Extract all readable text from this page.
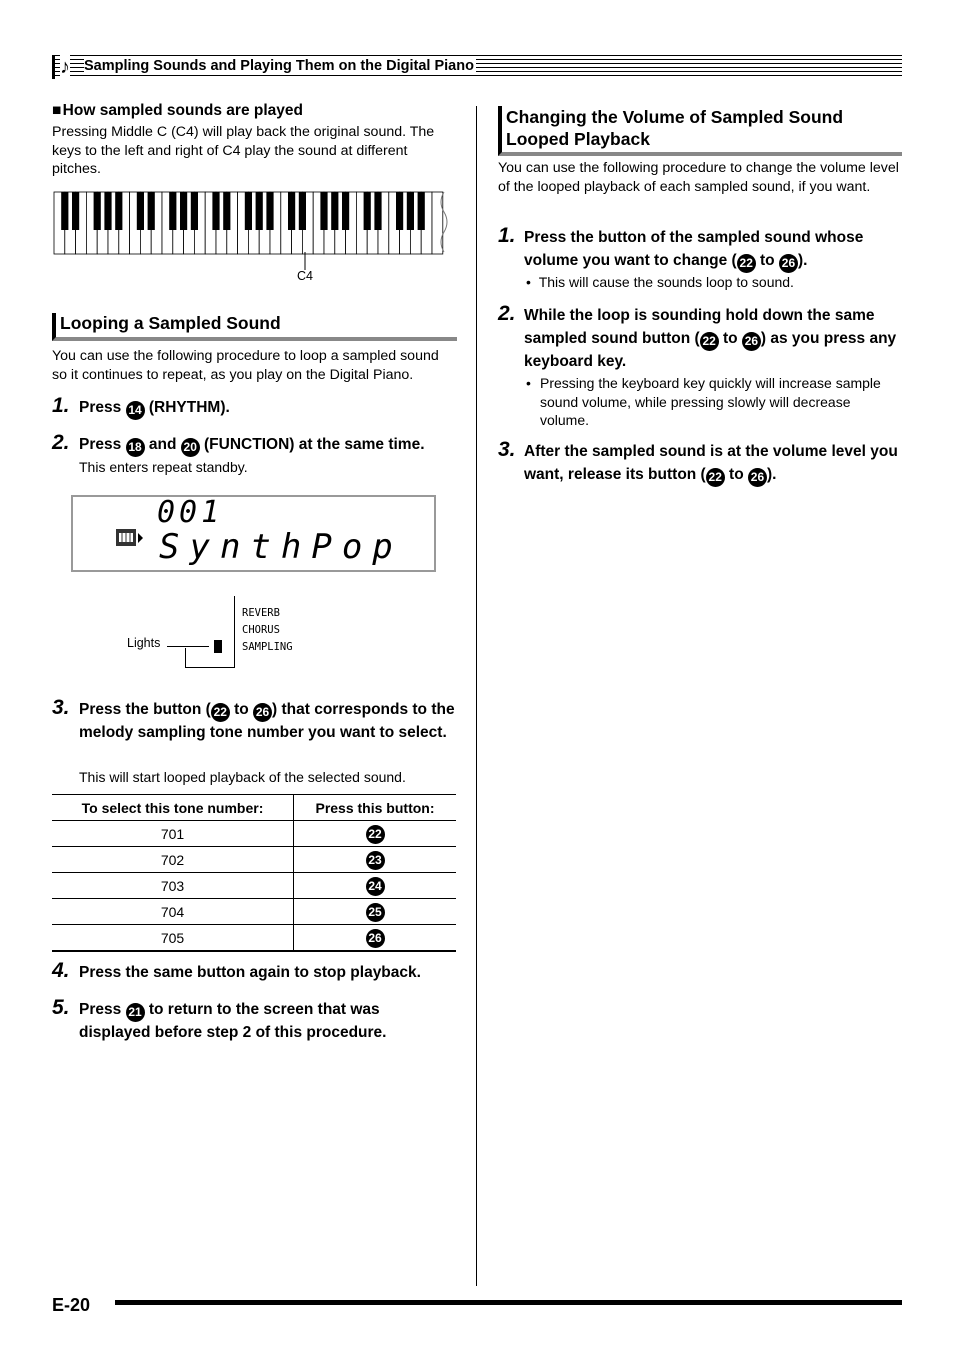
♪ Sampling Sounds and Playing Them on the Digital Piano
■ How sampled sounds are played
Pressing Middle C (C4) will play back the original sound. The keys to the left and right of C4 play the sound at different pitches.
C4
Looping a Sampled Sound
You can use the following procedure to loop a sampled sound so it continues to repeat, as you play on the Digital Piano.
1. Press 14 (RHYTHM).
2. Press 18 and 20 (FUNCTION) at the same time.
This enters repeat standby.
001
SynthPop
Lights
REVERB
CHORUS
SAMPLING
3. Press the button ( 22 to 26 ) that corresponds to the melody sampling tone number you want to select.
This will start looped playback of the selected sound.
To select this tone number:	Press this button:
701	22
702	23
703	24
704	25
705	26
4. Press the same button again to stop playback.
5. Press 21 to return to the screen that was displayed before step 2 of this procedure.
Changing the Volume of Sampled Sound Looped Playback
You can use the following procedure to change the volume level of the looped playback of each sampled sound, if you want.
1. Press the button of the sampled sound whose volume you want to change ( 22 to 26 ).
• This will cause the sounds loop to sound.
2. While the loop is sounding hold down the same sampled sound button ( 22 to 26 ) as you press any keyboard key.
• Pressing the keyboard key quickly will increase sample sound volume, while pressing slowly will decrease volume.
3. After the sampled sound is at the volume level you want, release its button ( 22 to 26 ).
E-20
